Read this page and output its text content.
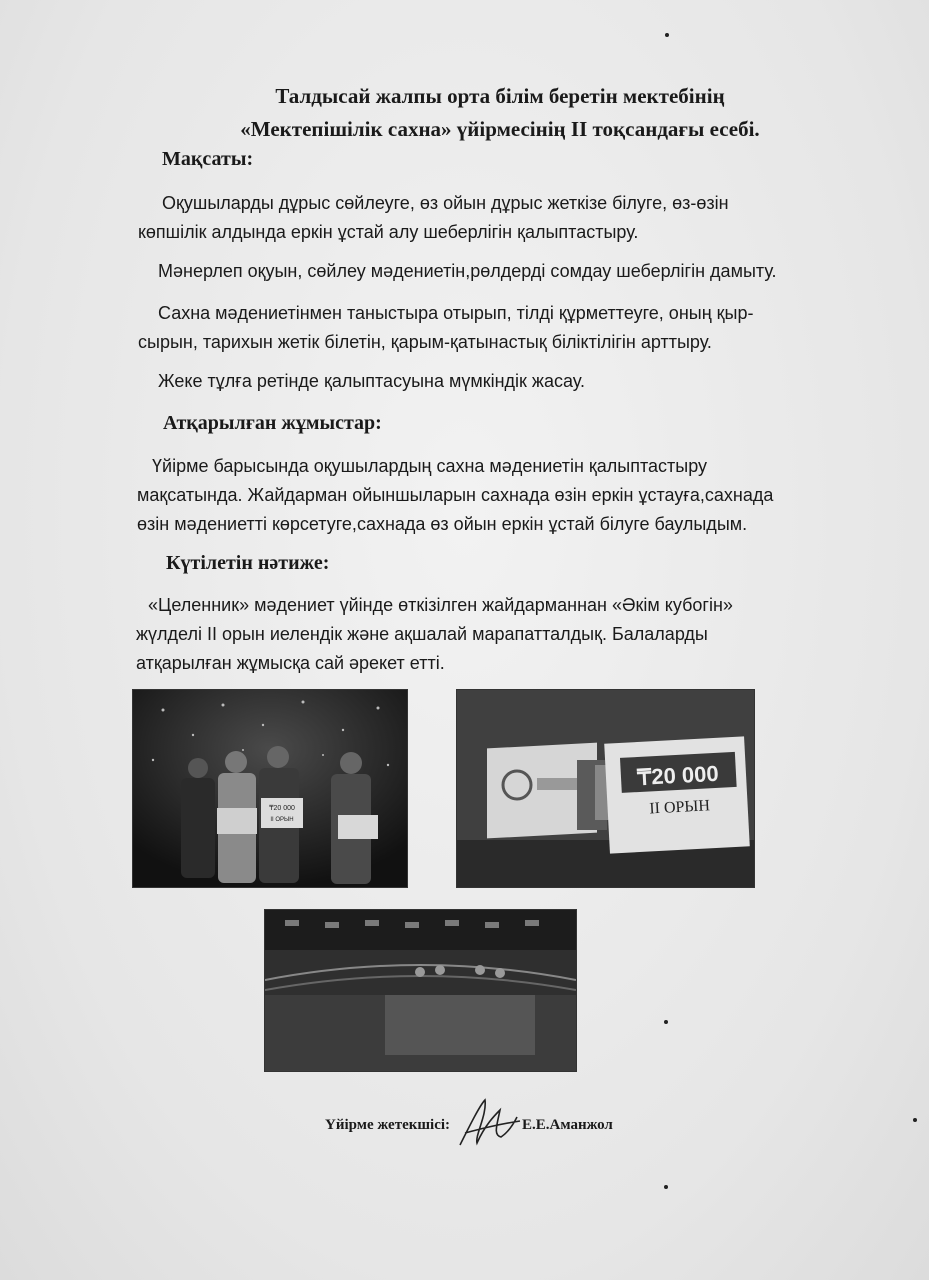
Талдысай жалпы орта білім беретін мектебінің
«Мектепішілік сахна» үйірмесінің II тоқсандағы есебі.
Мақсаты:
Оқушыларды дұрыс сөйлеуге, өз ойын дұрыс жеткізе білуге, өз-өзін көпшілік алдында еркін ұстай алу шеберлігін қалыптастыру.
Мәнерлеп оқуын, сөйлеу мәдениетін,рөлдерді сомдау шеберлігін дамыту.
Сахна мәдениетінмен таныстыра отырып, тілді құрметтеуге, оның қыр-сырын, тарихын жетік білетін, қарым-қатынастық біліктілігін арттыру.
Жеке тұлға ретінде қалыптасуына мүмкіндік жасау.
Атқарылған жұмыстар:
Үйірме барысында оқушылардың сахна мәдениетін қалыптастыру мақсатында. Жайдарман ойыншыларын сахнада өзін еркін ұстауға,сахнада өзін мәдениетті көрсетуге,сахнада өз ойын еркін ұстай білуге баулыдым.
Күтілетін нәтиже:
«Целенник» мәдениет үйінде өткізілген жайдарманнан «Әкім кубогін» жүлделі II орын иелендік және ақшалай марапатталдық. Балаларды атқарылған жұмысқа сай әрекет етті.
₸20 000
II ОРЫН
₸20 000
II ОРЫН
Үйірме жетекшісі:	Е.Е.Аманжол
